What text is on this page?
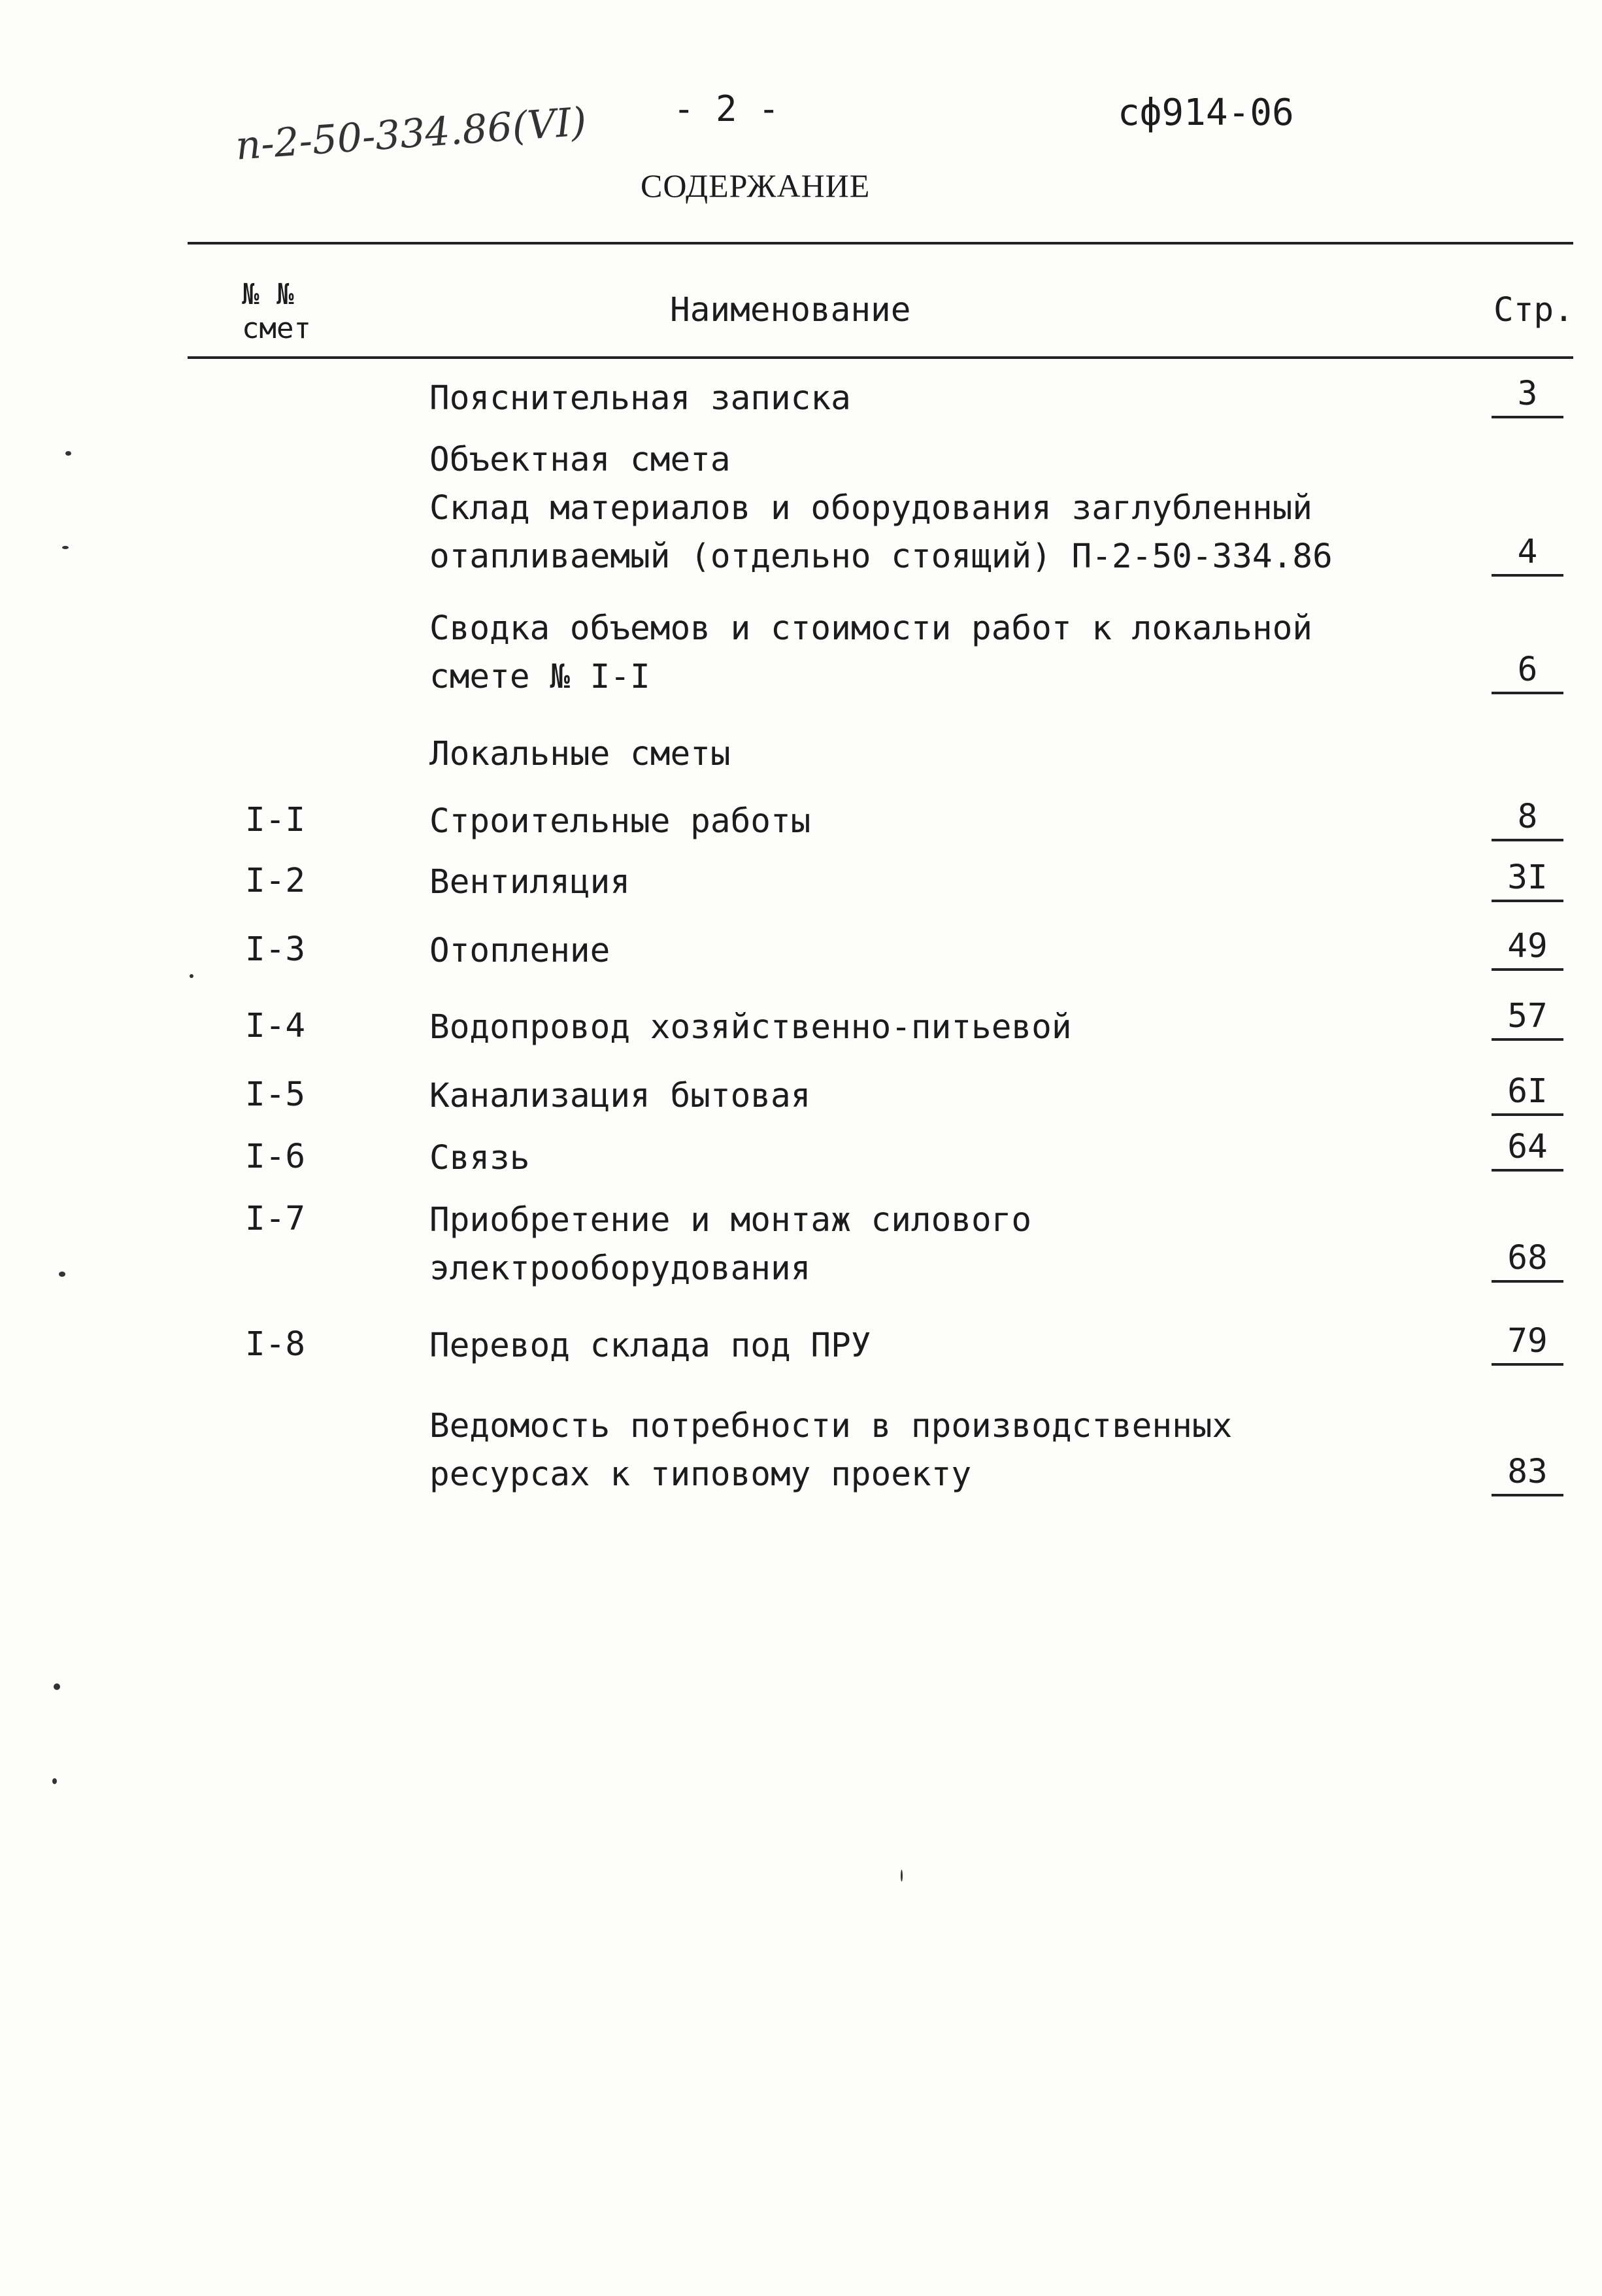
п-2-50-334.86(VI) - 2 -	сф914-06
СОДЕРЖАНИЕ
№ №
смет	Наименование	Стр.
Пояснительная записка	3
Объектная смета
Склад материалов и оборудования заглубленный
отапливаемый (отдельно стоящий) П-2-50-334.86	4
Сводка объемов и стоимости работ к локальной
смете № I-I	6
Локальные сметы
I-I	Строительные работы	8
I-2	Вентиляция	3I
I-3	Отопление	49
I-4	Водопровод хозяйственно-питьевой	57
I-5	Канализация бытовая	6I
I-6	Связь	64
I-7	Приобретение и монтаж силового
электрооборудования	68
I-8	Перевод склада под ПРУ	79
Ведомость потребности в производственных
ресурсах к типовому проекту	83
